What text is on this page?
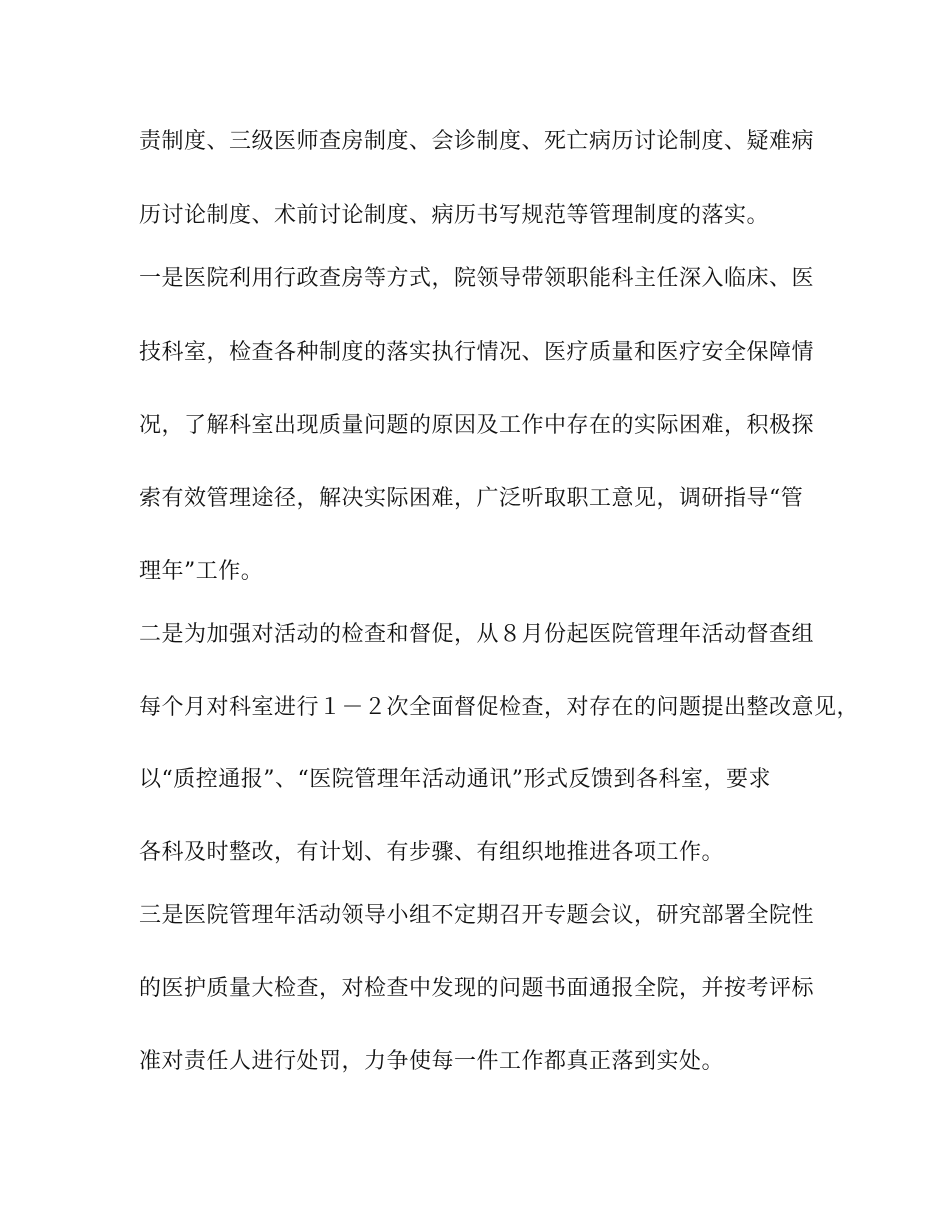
责制度、三级医师查房制度、会诊制度、死亡病历讨论制度、疑难病
历讨论制度、术前讨论制度、病历书写规范等管理制度的落实。
一是医院利用行政查房等方式，院领导带领职能科主任深入临床、医
技科室，检查各种制度的落实执行情况、医疗质量和医疗安全保障情
况，了解科室出现质量问题的原因及工作中存在的实际困难，积极探
索有效管理途径，解决实际困难，广泛听取职工意见，调研指导“管
理年”工作。
二是为加强对活动的检查和督促，从８月份起医院管理年活动督查组
每个月对科室进行１－２次全面督促检查，对存在的问题提出整改意见，
以“质控通报”、“医院管理年活动通讯”形式反馈到各科室，要求
各科及时整改，有计划、有步骤、有组织地推进各项工作。
三是医院管理年活动领导小组不定期召开专题会议，研究部署全院性
的医护质量大检查，对检查中发现的问题书面通报全院，并按考评标
准对责任人进行处罚，力争使每一件工作都真正落到实处。
